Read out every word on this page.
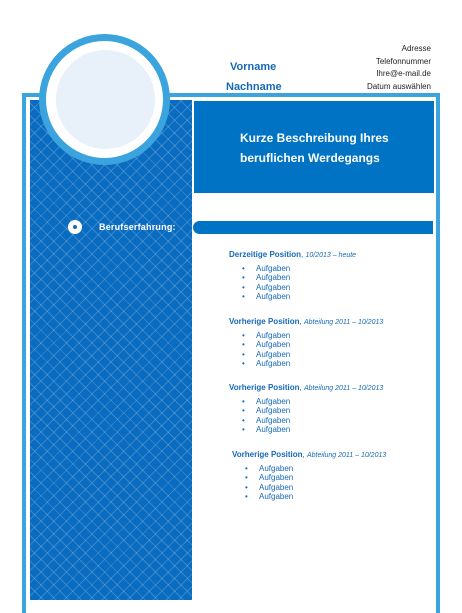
Vorname
Nachname
Adresse
Telefonnummer
Ihre@e-mail.de
Datum auswählen
Kurze Beschreibung Ihres
beruflichen Werdegangs
Berufserfahrung:
Derzeitige Position, 10/2013 – heute
• Aufgaben
• Aufgaben
• Aufgaben
• Aufgaben
Vorherige Position, Abteilung 2011 – 10/2013
• Aufgaben
• Aufgaben
• Aufgaben
• Aufgaben
Vorherige Position, Abteilung 2011 – 10/2013
• Aufgaben
• Aufgaben
• Aufgaben
• Aufgaben
Vorherige Position, Abteilung 2011 – 10/2013
• Aufgaben
• Aufgaben
• Aufgaben
• Aufgaben
